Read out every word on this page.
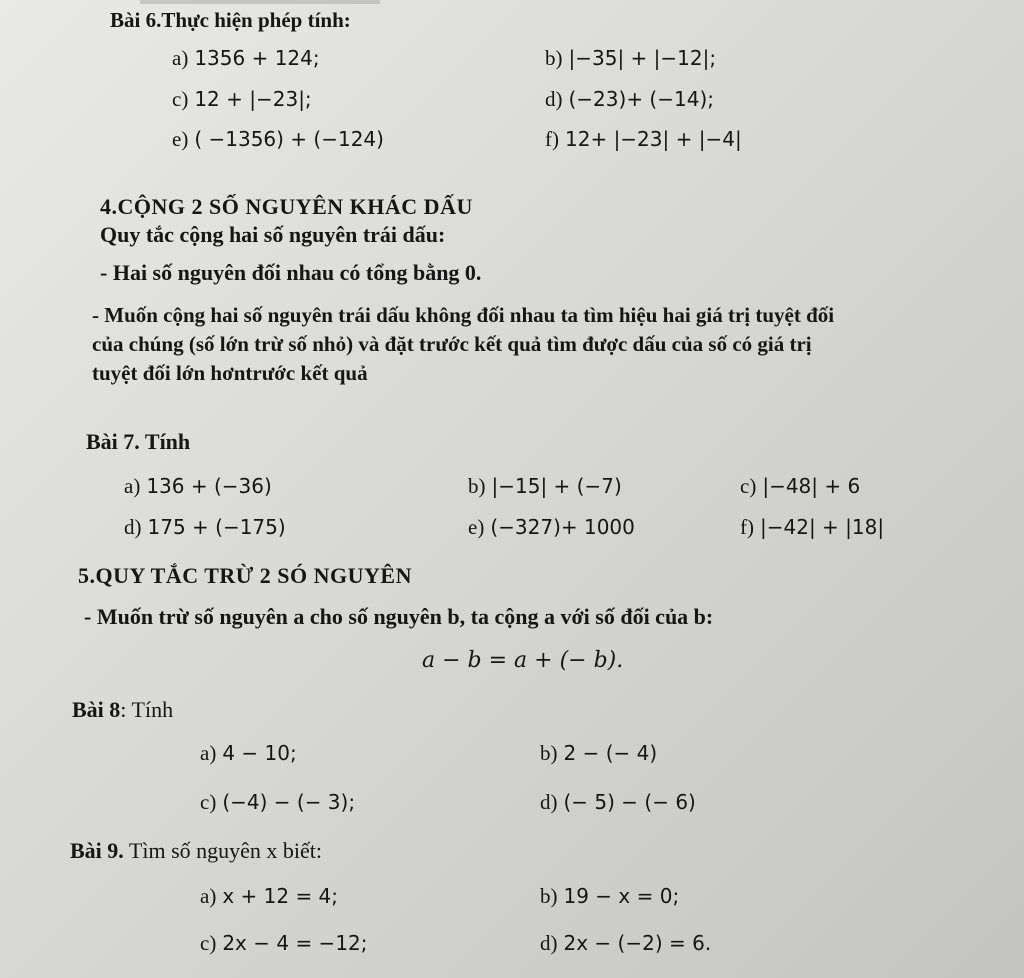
Bài 6.Thực hiện phép tính:
a) 1356 + 124;	b) |−35| + |−12|;
c) 12 + |−23|;	d) (−23)+ (−14);
e) ( −1356) + (−124)	f) 12+ |−23| + |−4|
4.CỘNG 2 SỐ NGUYÊN KHÁC DẤU
Quy tắc cộng hai số nguyên trái dấu:
- Hai số nguyên đối nhau có tổng bằng 0.
- Muốn cộng hai số nguyên trái dấu không đối nhau ta tìm hiệu hai giá trị tuyệt đối
của chúng (số lớn trừ số nhỏ) và đặt trước kết quả tìm được dấu của số có giá trị
tuyệt đối lớn hơntrước kết quả
Bài 7. Tính
a) 136 + (−36)	b) |−15| + (−7)	c) |−48| + 6
d) 175 + (−175)	e) (−327)+ 1000	f) |−42| + |18|
5.QUY TẮC TRỪ 2 SÓ NGUYÊN
- Muốn trừ số nguyên a cho số nguyên b, ta cộng a với số đối của b:
a − b = a + (− b).
Bài 8: Tính
a) 4 − 10;	b) 2 − (− 4)
c) (−4) − (− 3);	d) (− 5) − (− 6)
Bài 9. Tìm số nguyên x biết:
a) x + 12 = 4;	b) 19 − x = 0;
c) 2x − 4 = −12;	d) 2x − (−2) = 6.
